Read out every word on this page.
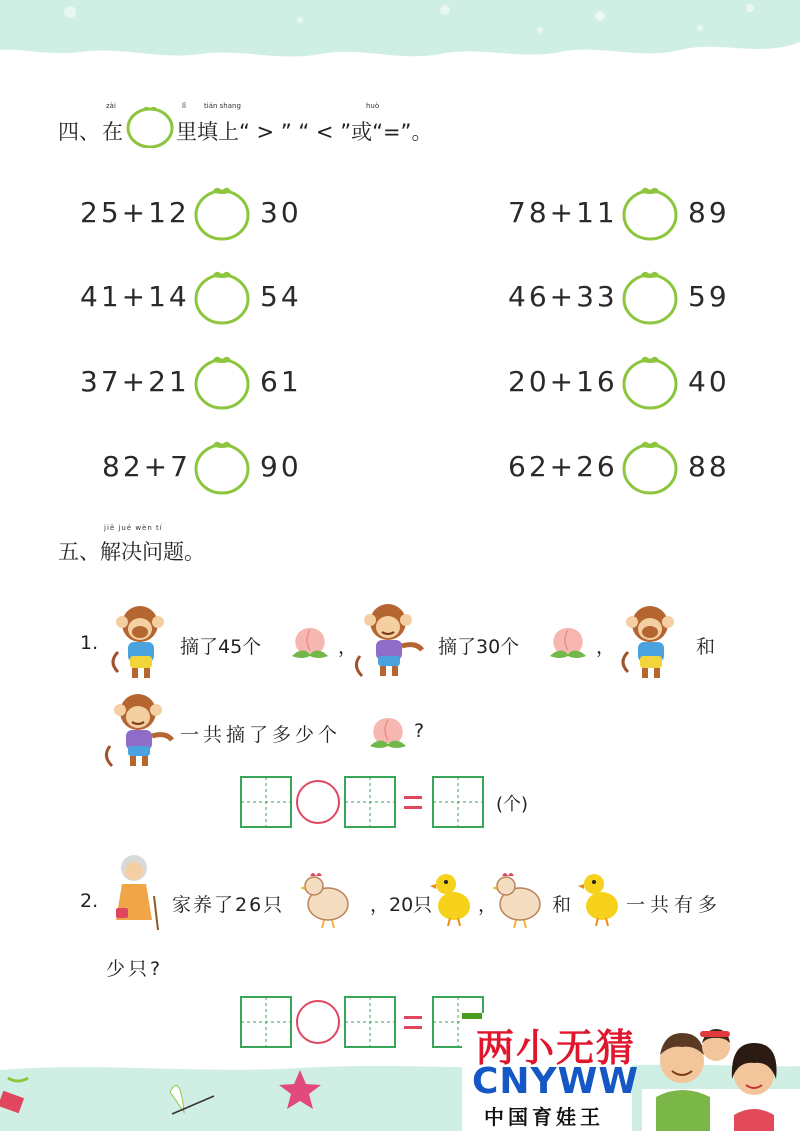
zài	lǐ	tián shang	huò
四、 在	里填上“ > ” “ < ”或“=”。
25+12	30	78+11	89
41+14	54	46+33	59
37+21	61	20+16	40
82+7 90	62+26	88
jiě jué wèn tí
五、解决问题。
1.	摘了45个	，	摘了30个	，	和
一共摘了多少个	?
(个)
2.	家养了26只	，20只 ，	和	一共有多
少只?
两小无猜
CNYWW
中国育娃王
